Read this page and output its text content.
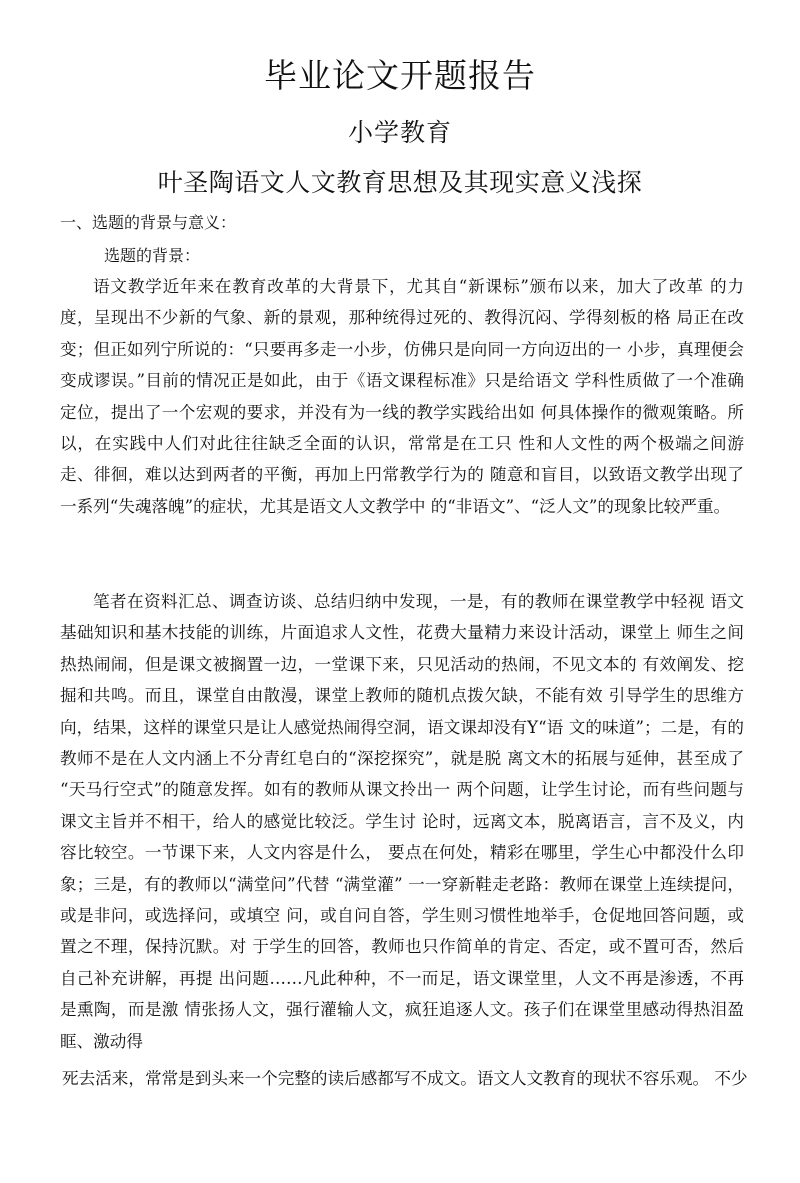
毕业论文开题报告
小学教育
叶圣陶语文人文教育思想及其现实意义浅探
一、选题的背景与意义：
选题的背景：

语文教学近年来在教育改革的大背景下，尤其自“新课标”颁布以来，加大了改革 的力度，呈现出不少新的气象、新的景观，那种统得过死的、教得沉闷、学得刻板的格 局正在改变；但正如列宁所说的：“只要再多走一小步，仿佛只是向同一方向迈出的一 小步，真理便会变成谬误。”目前的情况正是如此，由于《语文课程标准》只是给语文 学科性质做了一个准确定位，提出了一个宏观的要求，并没有为一线的教学实践给出如 何具体操作的微观策略。所以，在实践中人们对此往往缺乏全面的认识，常常是在工只 性和人文性的两个极端之间游走、徘徊，难以达到两者的平衡，再加上円常教学行为的 随意和盲目，以致语文教学出现了一系列“失魂落魄”的症状，尤其是语文人文教学中 的“非语文”、“泛人文”的现象比较严重。

笔者在资料汇总、调查访谈、总结归纳中发现，一是，有的教师在课堂教学中轻视 语文基础知识和基木技能的训练，片面追求人文性，花费大量精力来设计活动，课堂上 师生之间热热闹闹，但是课文被搁置一边，一堂课下来，只见活动的热闹，不见文本的 有效阐发、挖掘和共鸣。而且，课堂自由散漫，课堂上教师的随机点拨欠缺，不能有效 引导学生的思维方向，结果，这样的课堂只是让人感觉热闹得空洞，语文课却没有Y“语 文的味道”；二是，有的教师不是在人文内涵上不分青红皂白的“深挖探究”，就是脱 离文木的拓展与延伸，甚至成了 “天马行空式”的随意发挥。如有的教师从课文拎出一 两个问题，让学生讨论，而有些问题与课文主旨并不相干，给人的感觉比较泛。学生讨 论时，远离文本，脱离语言，言不及义，内容比较空。一节课下来，人文内容是什么， 要点在何处，精彩在哪里，学生心中都没什么印象；三是，有的教师以“满堂问”代替 “满堂灌” 一一穿新鞋走老路：教师在课堂上连续提问，或是非问，或选择问，或填空 问，或自问自答，学生则习惯性地举手，仓促地回答问题，或置之不理，保持沉默。对 于学生的回答，教师也只作简单的肯定、否定，或不置可否，然后自己补充讲解，再提 出问题……凡此种种，不一而足，语文课堂里，人文不再是渗透，不再是熏陶，而是激 情张扬人文，强行灌输人文，疯狂追逐人文。孩子们在课堂里感动得热泪盈眶、激动得

死去活来，常常是到头来一个完整的读后感都写不成文。语文人文教育的现状不容乐观。 不少
